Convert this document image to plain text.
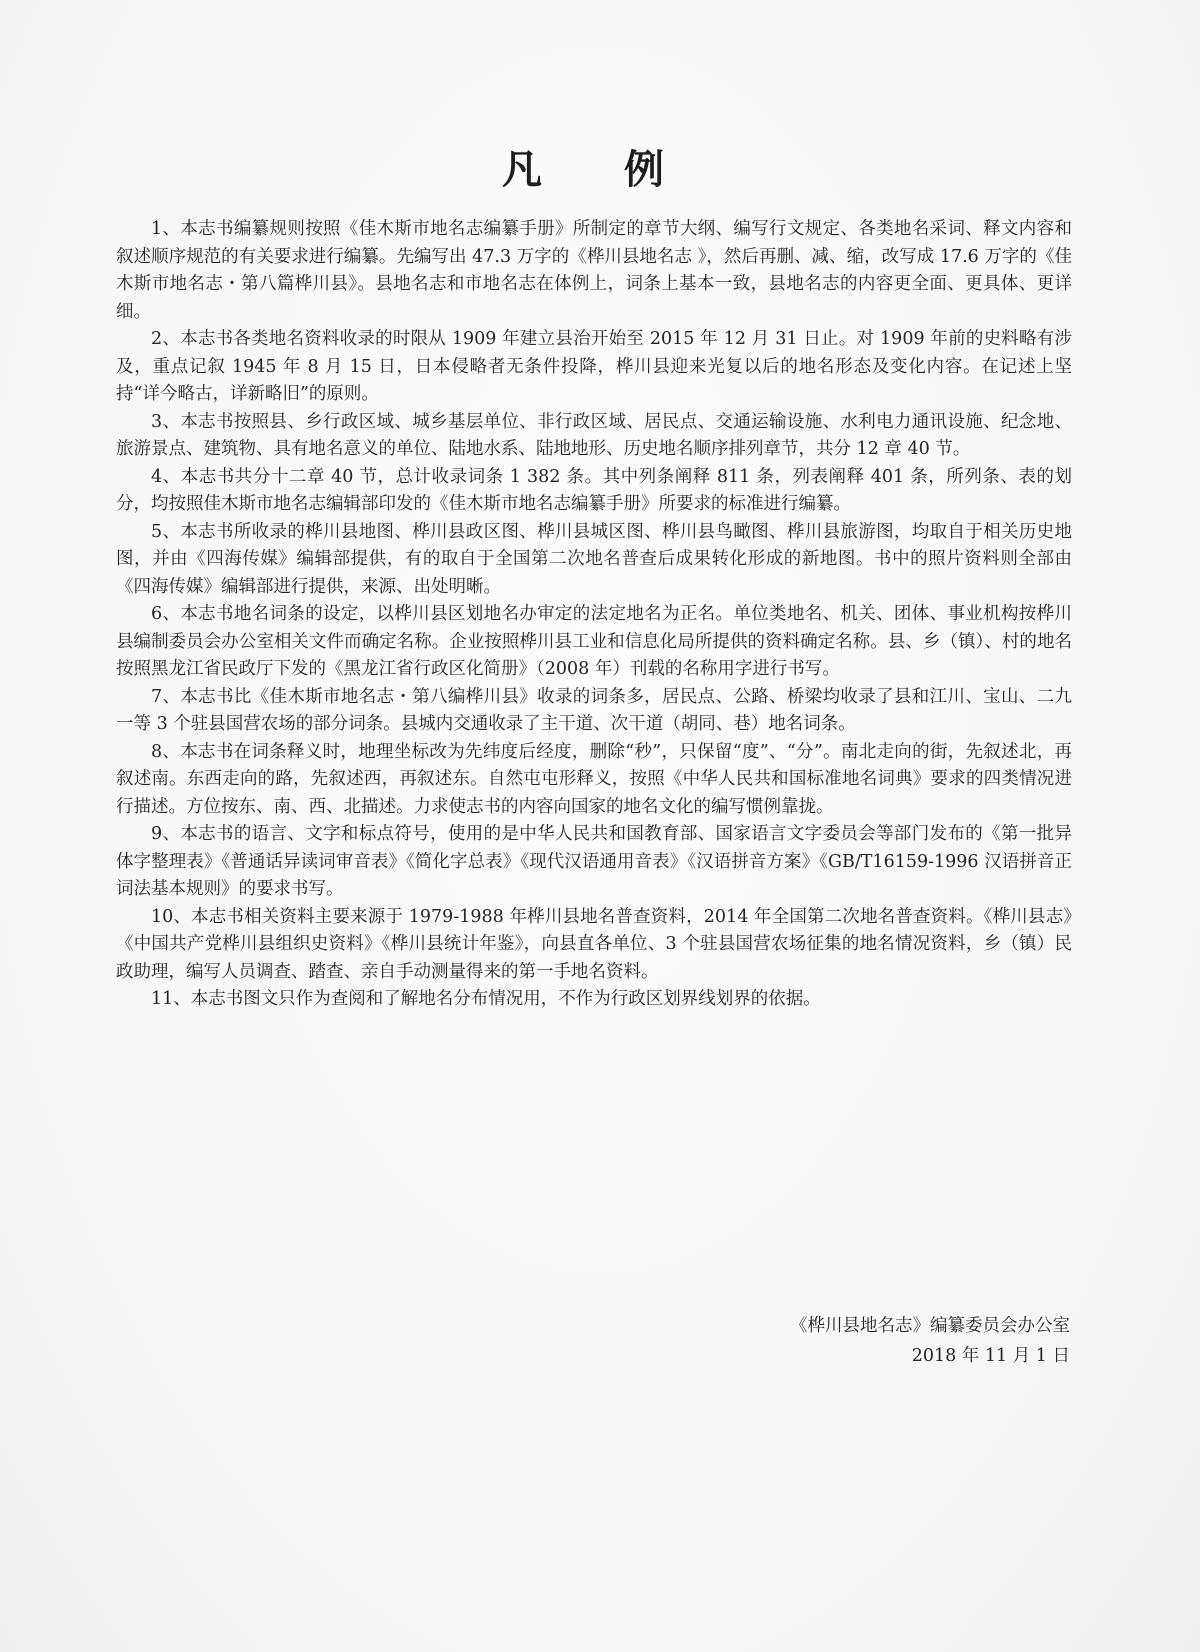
凡 例

1、本志书编纂规则按照《佳木斯市地名志编纂手册》所制定的章节大纲、编写行文规定、各类地名采词、释文内容和叙述顺序规范的有关要求进行编纂。先编写出 47.3 万字的《桦川县地名志 》，然后再删、减、缩，改写成 17.6 万字的《佳木斯市地名志・第八篇桦川县》。县地名志和市地名志在体例上，词条上基本一致，县地名志的内容更全面、更具体、更详细。

2、本志书各类地名资料收录的时限从 1909 年建立县治开始至 2015 年 12 月 31 日止。对 1909 年前的史料略有涉及，重点记叙 1945 年 8 月 15 日，日本侵略者无条件投降，桦川县迎来光复以后的地名形态及变化内容。在记述上坚持“详今略古，详新略旧”的原则。

3、本志书按照县、乡行政区域、城乡基层单位、非行政区域、居民点、交通运输设施、水利电力通讯设施、纪念地、旅游景点、建筑物、具有地名意义的单位、陆地水系、陆地地形、历史地名顺序排列章节，共分 12 章 40 节。

4、本志书共分十二章 40 节，总计收录词条 1 382 条。其中列条阐释 811 条，列表阐释 401 条，所列条、表的划分，均按照佳木斯市地名志编辑部印发的《佳木斯市地名志编纂手册》所要求的标准进行编纂。

5、本志书所收录的桦川县地图、桦川县政区图、桦川县城区图、桦川县鸟瞰图、桦川县旅游图，均取自于相关历史地图，并由《四海传媒》编辑部提供，有的取自于全国第二次地名普查后成果转化形成的新地图。书中的照片资料则全部由《四海传媒》编辑部进行提供，来源、出处明晰。

6、本志书地名词条的设定，以桦川县区划地名办审定的法定地名为正名。单位类地名、机关、团体、事业机构按桦川县编制委员会办公室相关文件而确定名称。企业按照桦川县工业和信息化局所提供的资料确定名称。县、乡（镇）、村的地名按照黑龙江省民政厅下发的《黑龙江省行政区化简册》（2008 年）刊载的名称用字进行书写。

7、本志书比《佳木斯市地名志・第八编桦川县》收录的词条多，居民点、公路、桥梁均收录了县和江川、宝山、二九一等 3 个驻县国营农场的部分词条。县城内交通收录了主干道、次干道（胡同、巷）地名词条。

8、本志书在词条释义时，地理坐标改为先纬度后经度，删除“秒”，只保留“度”、“分”。南北走向的街，先叙述北，再叙述南。东西走向的路，先叙述西，再叙述东。自然屯屯形释义，按照《中华人民共和国标准地名词典》要求的四类情况进行描述。方位按东、南、西、北描述。力求使志书的内容向国家的地名文化的编写惯例靠拢。

9、本志书的语言、文字和标点符号，使用的是中华人民共和国教育部、国家语言文字委员会等部门发布的《第一批异体字整理表》《普通话异读词审音表》《简化字总表》《现代汉语通用音表》《汉语拼音方案》《GB/T16159-1996 汉语拼音正词法基本规则》的要求书写。

10、本志书相关资料主要来源于 1979-1988 年桦川县地名普查资料，2014 年全国第二次地名普查资料。《桦川县志》《中国共产党桦川县组织史资料》《桦川县统计年鉴》，向县直各单位、3 个驻县国营农场征集的地名情况资料，乡（镇）民政助理，编写人员调查、踏查、亲自手动测量得来的第一手地名资料。

11、本志书图文只作为查阅和了解地名分布情况用，不作为行政区划界线划界的依据。

《桦川县地名志》编纂委员会办公室
2018 年 11 月 1 日
